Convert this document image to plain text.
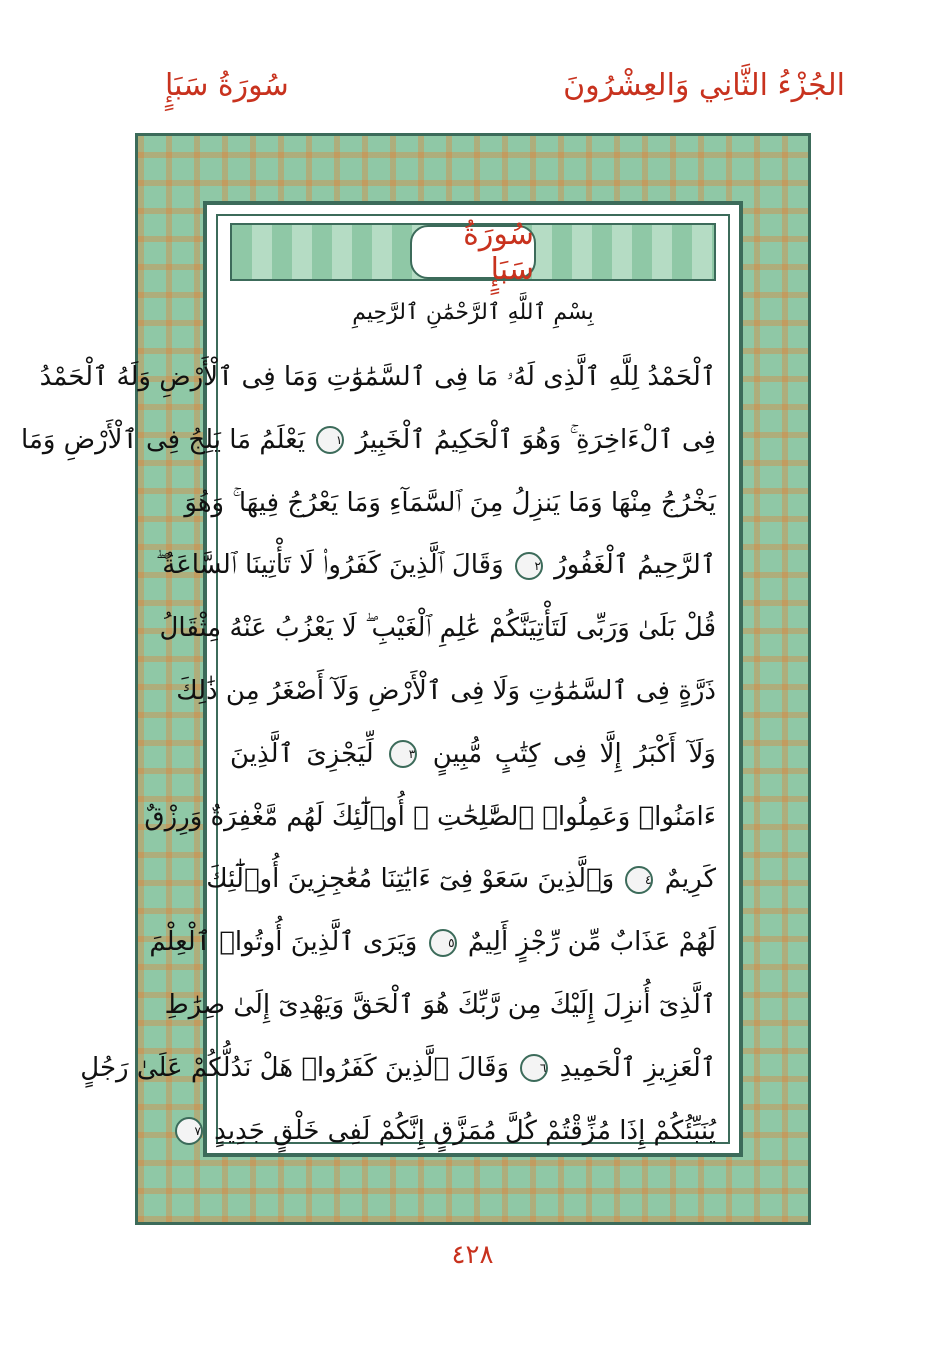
الجُزْءُ الثَّانِي وَالعِشْرُونَ
سُورَةُ سَبَإٍ
سُورَةُ سَبَإٍ
بِسْمِ ٱللَّهِ ٱلرَّحْمَٰنِ ٱلرَّحِيمِ
ٱلْحَمْدُ لِلَّهِ ٱلَّذِى لَهُۥ مَا فِى ٱلسَّمَٰوَٰتِ وَمَا فِى ٱلْأَرْضِ وَلَهُ ٱلْحَمْدُ
فِى ٱلْءَاخِرَةِ ۚ وَهُوَ ٱلْحَكِيمُ ٱلْخَبِيرُ ١ يَعْلَمُ مَا يَلِجُ فِى ٱلْأَرْضِ وَمَا
يَخْرُجُ مِنْهَا وَمَا يَنزِلُ مِنَ ٱلسَّمَآءِ وَمَا يَعْرُجُ فِيهَا ۚ وَهُوَ
ٱلرَّحِيمُ ٱلْغَفُورُ ٢ وَقَالَ ٱلَّذِينَ كَفَرُوا۟ لَا تَأْتِينَا ٱلسَّاعَةُ ۖ
قُلْ بَلَىٰ وَرَبِّى لَتَأْتِيَنَّكُمْ عَٰلِمِ ٱلْغَيْبِ ۖ لَا يَعْزُبُ عَنْهُ مِثْقَالُ
ذَرَّةٍ فِى ٱلسَّمَٰوَٰتِ وَلَا فِى ٱلْأَرْضِ وَلَآ أَصْغَرُ مِن ذَٰلِكَ
وَلَآ أَكْبَرُ إِلَّا فِى كِتَٰبٍ مُّبِينٍ ٣ لِّيَجْزِىَ ٱلَّذِينَ
ءَامَنُوا۟ وَعَمِلُوا۟ ٱلصَّٰلِحَٰتِ ۚ أُو۟لَٰٓئِكَ لَهُم مَّغْفِرَةٌ وَرِزْقٌ
كَرِيمٌ ٤ وَٱلَّذِينَ سَعَوْ فِىٓ ءَايَٰتِنَا مُعَٰجِزِينَ أُو۟لَٰٓئِكَ
لَهُمْ عَذَابٌ مِّن رِّجْزٍ أَلِيمٌ ٥ وَيَرَى ٱلَّذِينَ أُوتُوا۟ ٱلْعِلْمَ
ٱلَّذِىٓ أُنزِلَ إِلَيْكَ مِن رَّبِّكَ هُوَ ٱلْحَقَّ وَيَهْدِىٓ إِلَىٰ صِرَٰطِ
ٱلْعَزِيزِ ٱلْحَمِيدِ ٦ وَقَالَ ٱلَّذِينَ كَفَرُوا۟ هَلْ نَدُلُّكُمْ عَلَىٰ رَجُلٍ
يُنَبِّئُكُمْ إِذَا مُزِّقْتُمْ كُلَّ مُمَزَّقٍ إِنَّكُمْ لَفِى خَلْقٍ جَدِيدٍ ٧
٤٢٨
